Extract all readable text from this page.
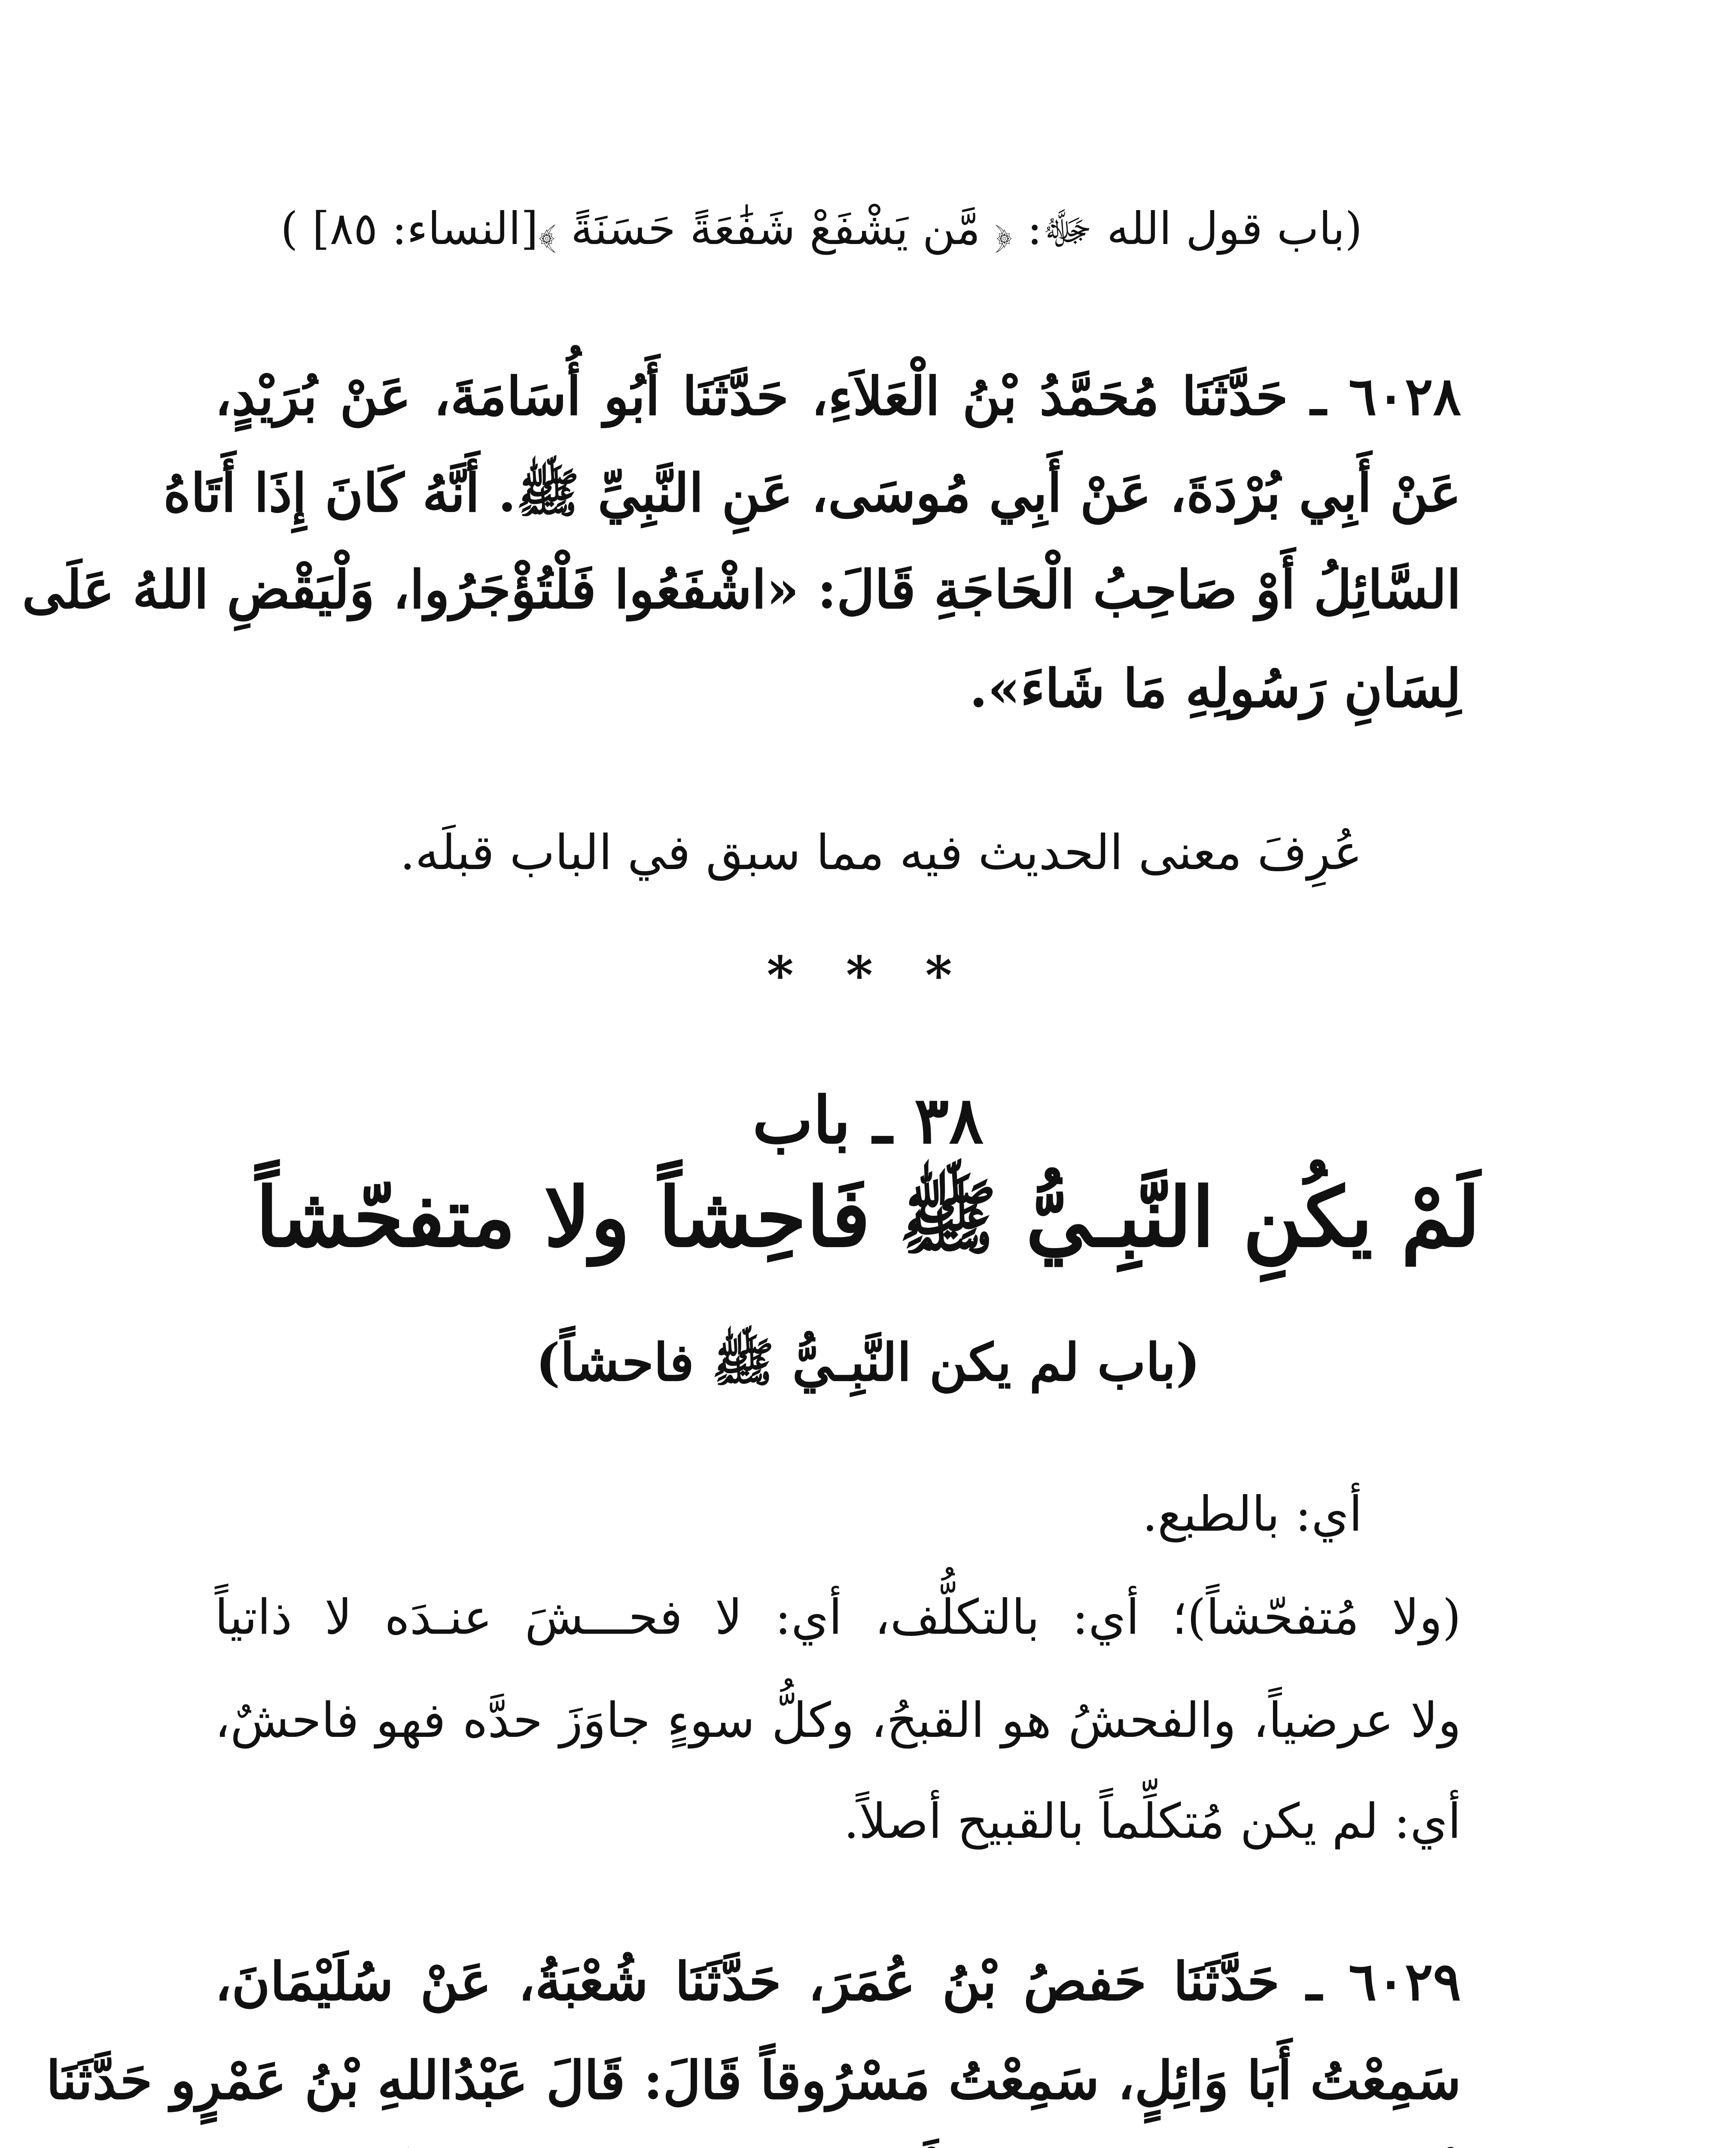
(باب قول الله ﷻ: ﴿ مَّن يَشْفَعْ شَفَٰعَةً حَسَنَةً ﴾[النساء: ٨٥] )
٦٠٢٨ ـ حَدَّثَنَا مُحَمَّدُ بْنُ الْعَلاَءِ، حَدَّثَنَا أَبُو أُسَامَةَ، عَنْ بُرَيْدٍ،
عَنْ أَبِي بُرْدَةَ، عَنْ أَبِي مُوسَى، عَنِ النَّبِيِّ ﷺ. أَنَّهُ كَانَ إِذَا أَتَاهُ
السَّائِلُ أَوْ صَاحِبُ الْحَاجَةِ قَالَ: «اشْفَعُوا فَلْتُؤْجَرُوا، وَلْيَقْضِ اللهُ عَلَى
لِسَانِ رَسُولِهِ مَا شَاءَ».
عُرِفَ معنى الحديث فيه مما سبق في الباب قبلَه.
* * *
٣٨ ـ باب
لَمْ يكُنِ النَّبِـيُّ ﷺ فَاحِشاً ولا متفحّشاً
(باب لم يكن النَّبِـيُّ ﷺ فاحشاً)
أي: بالطبع.
(ولا مُتفحّشاً)؛ أي: بالتكلُّف، أي: لا فحـــشَ عنـدَه لا ذاتياً
ولا عرضياً، والفحشُ هو القبحُ، وكلُّ سوءٍ جاوَزَ حدَّه فهو فاحشٌ،
أي: لم يكن مُتكلِّماً بالقبيح أصلاً.
٦٠٢٩ ـ حَدَّثَنَا حَفصُ بْنُ عُمَرَ، حَدَّثَنَا شُعْبَةُ، عَنْ سُلَيْمَانَ،
سَمِعْتُ أَبَا وَائِلٍ، سَمِعْتُ مَسْرُوقاً قَالَ: قَالَ عَبْدُاللهِ بْنُ عَمْرٍو حَدَّثَنَا
